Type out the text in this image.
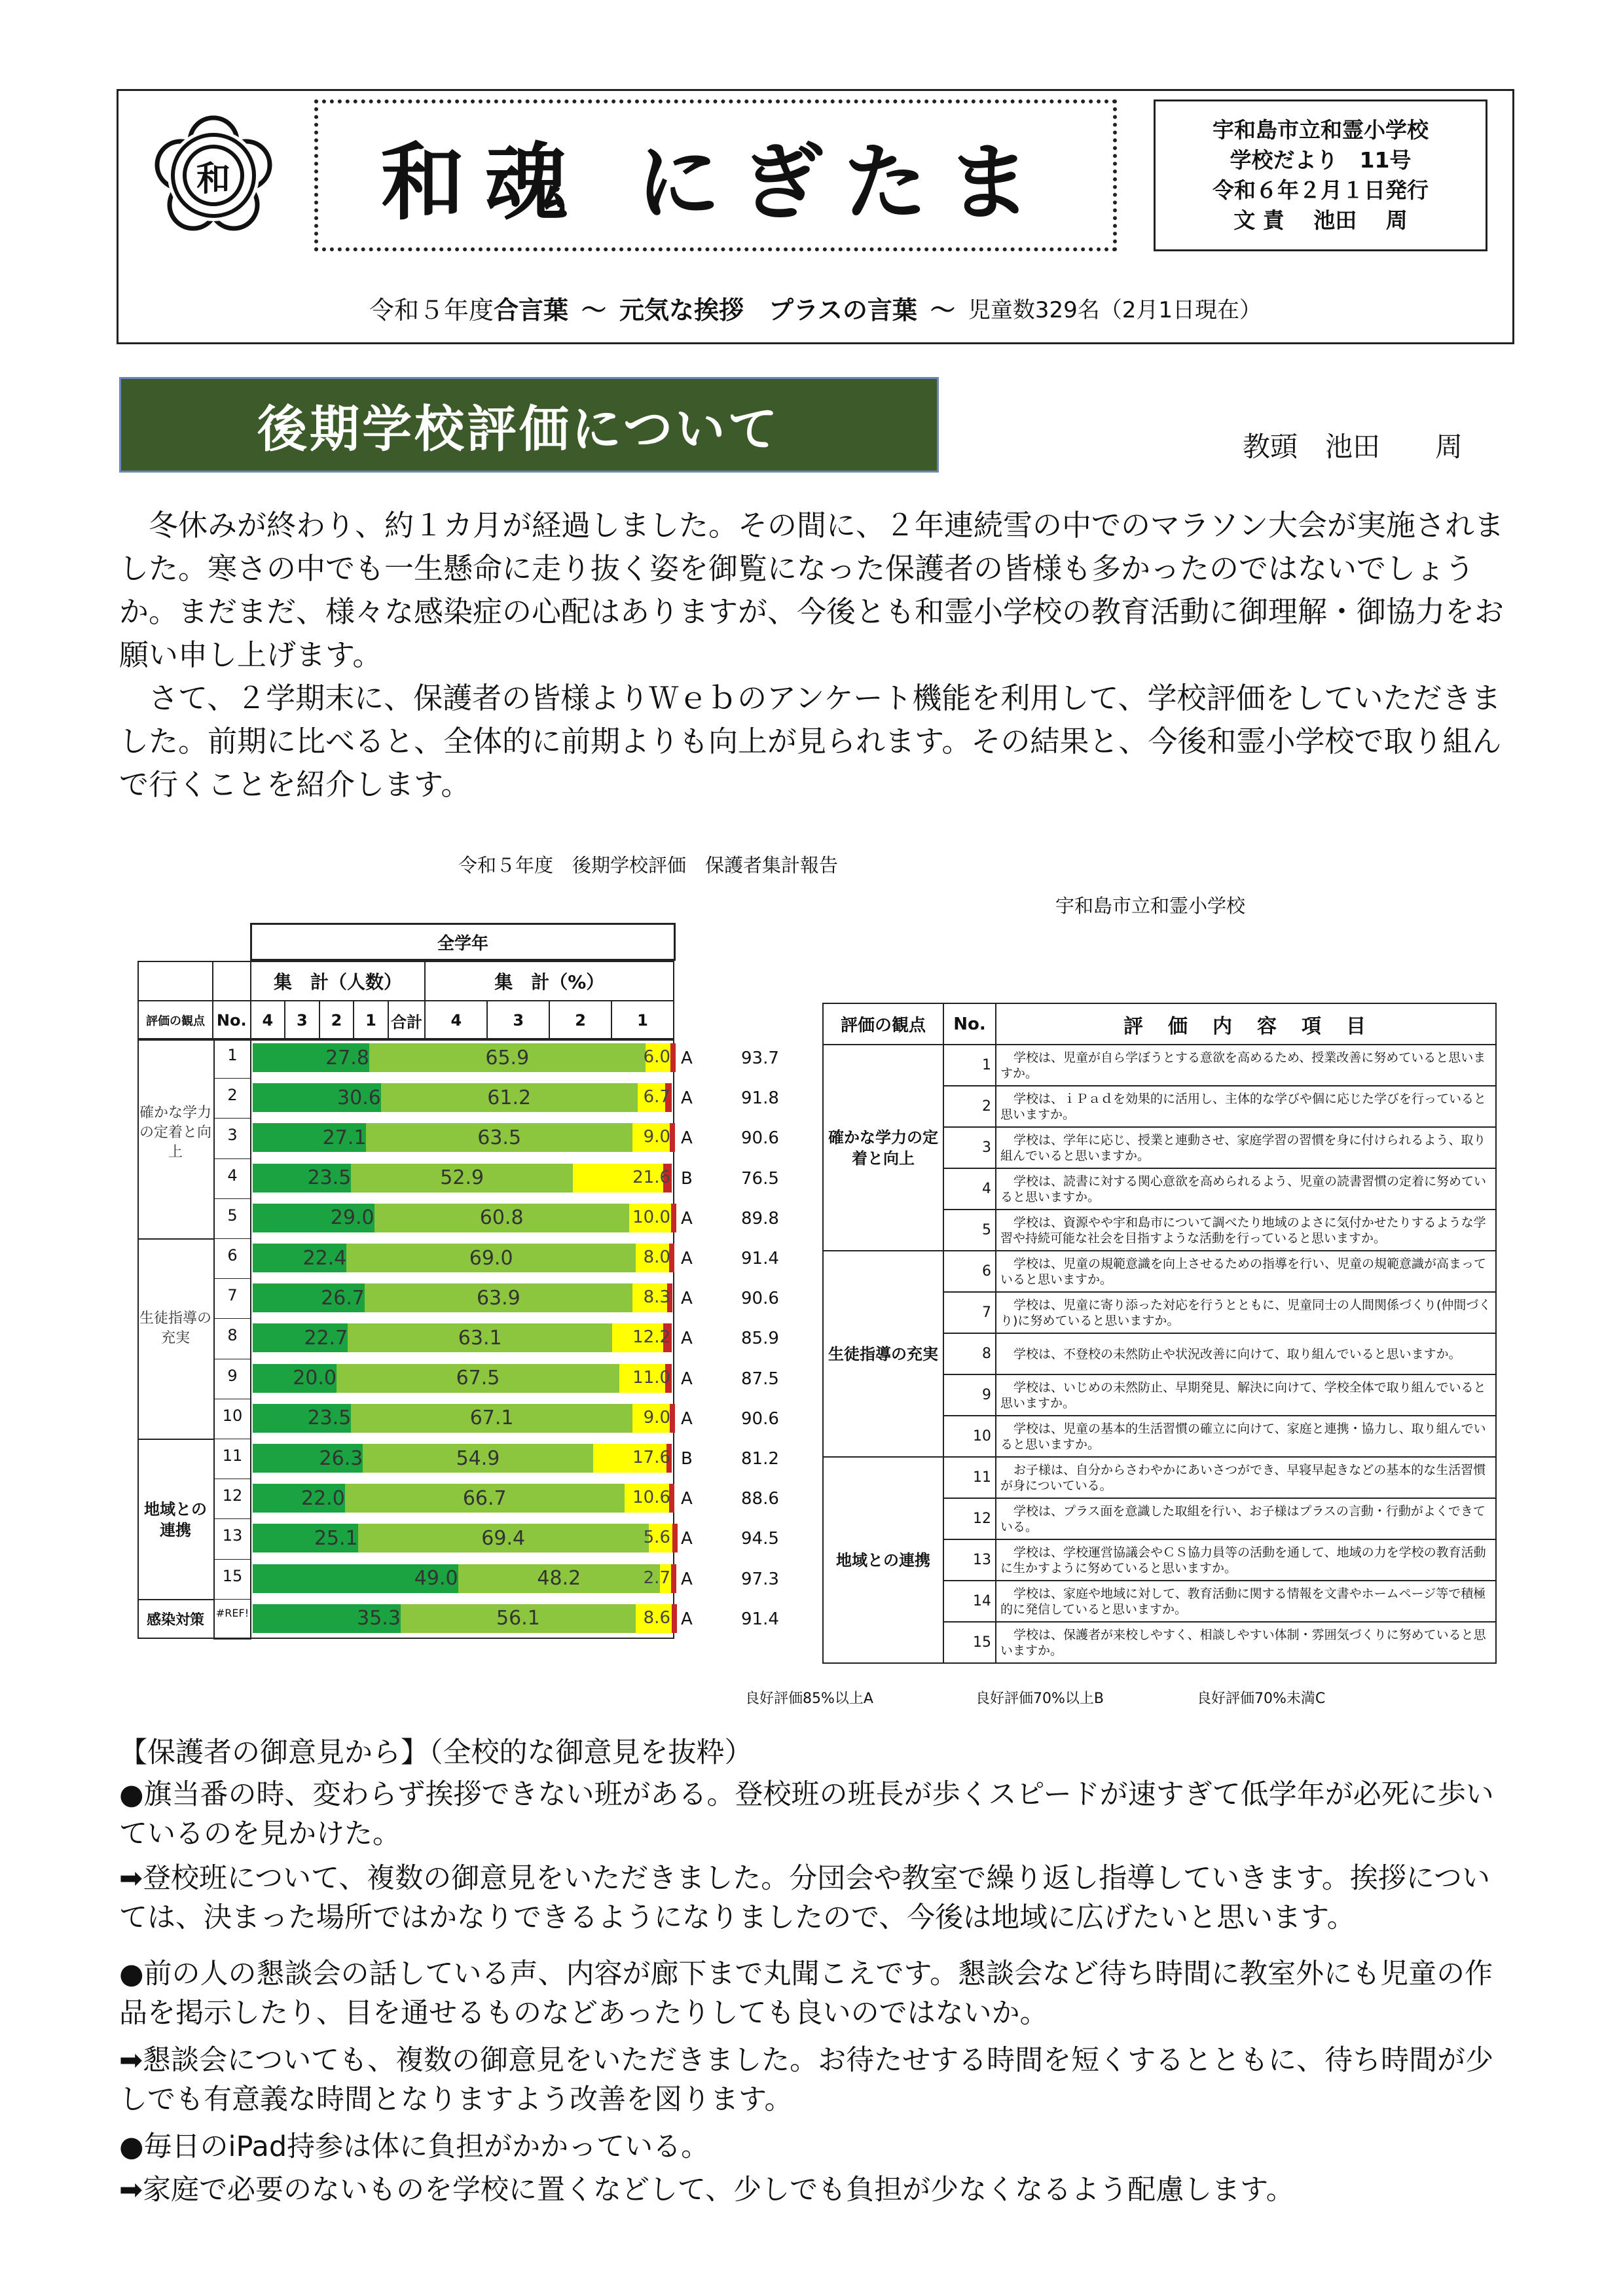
和 和魂 にぎたま
宇和島市立和霊小学校
学校だより　11号
令和６年２月１日発行
文 責　 池田　 周
令和５年度 合言葉 ～ 元気な挨拶　プラスの言葉 ～ 児童数329名（2月1日現在）
後期学校評価について	教頭　池田　　周
冬休みが終わり、約１カ月が経過しました。その間に、２年連続雪の中でのマラソン大会が実施されました。寒さの中でも一生懸命に走り抜く姿を御覧になった保護者の皆様も多かったのではないでしょうか。まだまだ、様々な感染症の心配はありますが、今後とも和霊小学校の教育活動に御理解・御協力をお願い申し上げます。
さて、２学期末に、保護者の皆様よりＷｅｂのアンケート機能を利用して、学校評価をしていただきました。前期に比べると、全体的に前期よりも向上が見られます。その結果と、今後和霊小学校で取り組んで行くことを紹介します。
令和５年度　後期学校評価　保護者集計報告
宇和島市立和霊小学校
全学年
		集　計（人数）					集　計（%）			
評価の観点	No.	4	3	2	1	合計	4	3	2	1
確かな学力の定着と向上
生徒指導の充実
地域との連携
感染対策
1	27.8	65.9	6.0 A	93.7
2	30.6	61.2	6.7 A	91.8
3	27.1	63.5	9.0 A	90.6
4	23.5	52.9	21.6 B	76.5
5	29.0	60.8	10.0 A	89.8
6	22.4	69.0	8.0 A	91.4
7	26.7	63.9	8.3 A	90.6
8	22.7	63.1	12.2 A	85.9
9	20.0	67.5	11.0 A	87.5
10	23.5	67.1	9.0 A	90.6
11	26.3	54.9	17.6 B	81.2
12	22.0	66.7	10.6 A	88.6
13	25.1	69.4	5.6 A	94.5
15	49.0	48.2	2.7 A	97.3
#REF!	35.3	56.1	8.6 A	91.4
評価の観点	No.	評　価　内　容　項　目
確かな学力の定着と向上	1	学校は、児童が自ら学ぼうとする意欲を高めるため、授業改善に努めていると思いますか。
	2	学校は、ｉＰａｄを効果的に活用し、主体的な学びや個に応じた学びを行っていると思いますか。
	3	学校は、学年に応じ、授業と連動させ、家庭学習の習慣を身に付けられるよう、取り組んでいると思いますか。
	4	学校は、読書に対する関心意欲を高められるよう、児童の読書習慣の定着に努めていると思いますか。
	5	学校は、資源やや宇和島市について調べたり地域のよさに気付かせたりするような学習や持続可能な社会を目指すような活動を行っていると思いますか。
生徒指導の充実	6	学校は、児童の規範意識を向上させるための指導を行い、児童の規範意識が高まっていると思いますか。
	7	学校は、児童に寄り添った対応を行うとともに、児童同士の人間関係づくり(仲間づくり)に努めていると思いますか。
	8	学校は、不登校の未然防止や状況改善に向けて、取り組んでいると思いますか。
	9	学校は、いじめの未然防止、早期発見、解決に向けて、学校全体で取り組んでいると思いますか。
	10	学校は、児童の基本的生活習慣の確立に向けて、家庭と連携・協力し、取り組んでいると思いますか。
地域との連携	11	お子様は、自分からさわやかにあいさつができ、早寝早起きなどの基本的な生活習慣が身についている。
	12	学校は、プラス面を意識した取組を行い、お子様はプラスの言動・行動がよくできている。
	13	学校は、学校運営協議会やＣＳ協力員等の活動を通して、地域の力を学校の教育活動に生かすように努めていると思いますか。
	14	学校は、家庭や地域に対して、教育活動に関する情報を文書やホームページ等で積極的に発信していると思いますか。
	15	学校は、保護者が来校しやすく、相談しやすい体制・雰囲気づくりに努めていると思いますか。
良好評価85%以上A	良好評価70%以上B	良好評価70%未満C
【保護者の御意見から】（全校的な御意見を抜粋）
●旗当番の時、変わらず挨拶できない班がある。登校班の班長が歩くスピードが速すぎて低学年が必死に歩いているのを見かけた。
➡登校班について、複数の御意見をいただきました。分団会や教室で繰り返し指導していきます。挨拶については、決まった場所ではかなりできるようになりましたので、今後は地域に広げたいと思います。
●前の人の懇談会の話している声、内容が廊下まで丸聞こえです。懇談会など待ち時間に教室外にも児童の作品を掲示したり、目を通せるものなどあったりしても良いのではないか。
➡懇談会についても、複数の御意見をいただきました。お待たせする時間を短くするとともに、待ち時間が少しでも有意義な時間となりますよう改善を図ります。
●毎日のiPad持参は体に負担がかかっている。
➡家庭で必要のないものを学校に置くなどして、少しでも負担が少なくなるよう配慮します。
